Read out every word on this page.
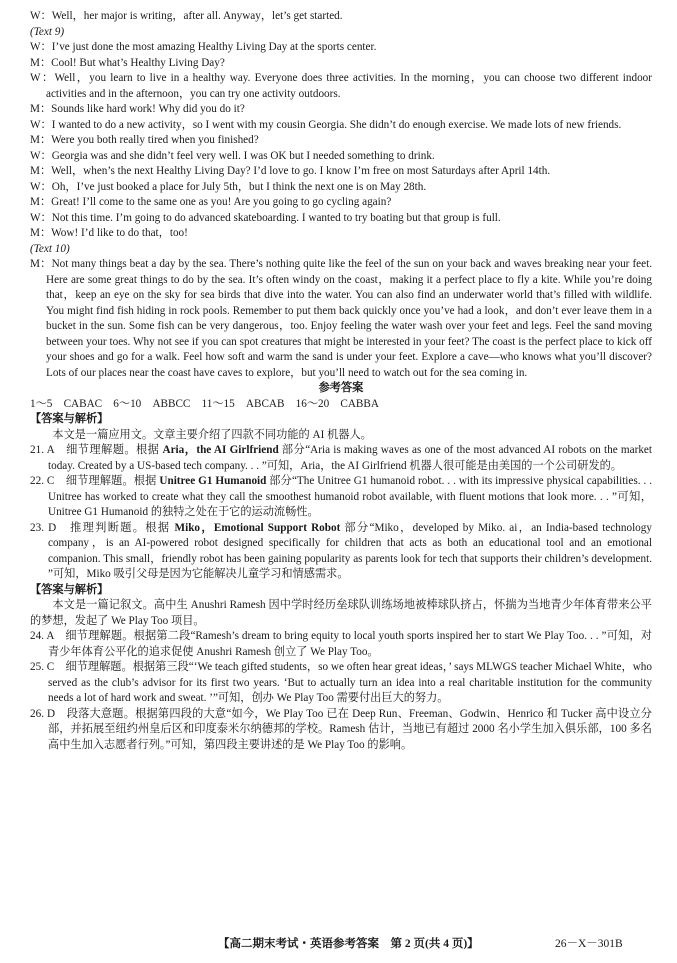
W：Well，her major is writing，after all. Anyway，let’s get started.

(Text 9)

W：I’ve just done the most amazing Healthy Living Day at the sports center.

M：Cool! But what’s Healthy Living Day?

W：Well，you learn to live in a healthy way. Everyone does three activities. In the morning，you can choose two different indoor activities and in the afternoon，you can try one activity outdoors.

M：Sounds like hard work! Why did you do it?

W：I wanted to do a new activity，so I went with my cousin Georgia. She didn’t do enough exercise. We made lots of new friends.

M：Were you both really tired when you finished?

W：Georgia was and she didn’t feel very well. I was OK but I needed something to drink.

M：Well，when’s the next Healthy Living Day? I’d love to go. I know I’m free on most Saturdays after April 14th.

W：Oh，I’ve just booked a place for July 5th，but I think the next one is on May 28th.

M：Great! I’ll come to the same one as you! Are you going to go cycling again?

W：Not this time. I’m going to do advanced skateboarding. I wanted to try boating but that group is full.

M：Wow! I’d like to do that，too!

(Text 10)

M：Not many things beat a day by the sea. There’s nothing quite like the feel of the sun on your back and waves breaking near your feet. Here are some great things to do by the sea. It’s often windy on the coast，making it a perfect place to fly a kite. While you’re doing that，keep an eye on the sky for sea birds that dive into the water. You can also find an underwater world that’s filled with wildlife. You might find fish hiding in rock pools. Remember to put them back quickly once you’ve had a look，and don’t ever leave them in a bucket in the sun. Some fish can be very dangerous，too. Enjoy feeling the water wash over your feet and legs. Feel the sand moving between your toes. Why not see if you can spot creatures that might be interested in your feet? The coast is the perfect place to kick off your shoes and go for a walk. Feel how soft and warm the sand is under your feet. Explore a cave—who knows what you’ll discover? Lots of our places near the coast have caves to explore，but you’ll need to watch out for the sea coming in.

参考答案

1～5　CABAC　6～10　ABBCC　11～15　ABCAB　16～20　CABBA

【答案与解析】

本文是一篇应用文。文章主要介绍了四款不同功能的 AI 机器人。

21. A　细节理解题。根据 Aria，the AI Girlfriend 部分“Aria is making waves as one of the most advanced AI robots on the market today. Created by a US-based tech company. . . ”可知，Aria，the AI Girlfriend 机器人很可能是由美国的一个公司研发的。

22. C　细节理解题。根据 Unitree G1 Humanoid 部分“The Unitree G1 humanoid robot. . . with its impressive physical capabilities. . . Unitree has worked to create what they call the smoothest humanoid robot available, with fluent motions that look more. . . ”可知，Unitree G1 Humanoid 的独特之处在于它的运动流畅性。

23. D　推理判断题。根据 Miko，Emotional Support Robot 部分“Miko，developed by Miko. ai，an India-based technology company，is an AI-powered robot designed specifically for children that acts as both an educational tool and an emotional companion. This small，friendly robot has been gaining popularity as parents look for tech that supports their children’s development. ”可知，Miko 吸引父母是因为它能解决儿童学习和情感需求。

【答案与解析】

本文是一篇记叙文。高中生 Anushri Ramesh 因中学时经历垒球队训练场地被棒球队挤占，怀揣为当地青少年体育带来公平的梦想，发起了 We Play Too 项目。

24. A　细节理解题。根据第二段“Ramesh’s dream to bring equity to local youth sports inspired her to start We Play Too. . . ”可知，对青少年体育公平化的追求促使 Anushri Ramesh 创立了 We Play Too。

25. C　细节理解题。根据第三段“‘We teach gifted students，so we often hear great ideas，’ says MLWGS teacher Michael White，who served as the club’s advisor for its first two years. ‘But to actually turn an idea into a real charitable institution for the community needs a lot of hard work and sweat. ’”可知，创办 We Play Too 需要付出巨大的努力。

26. D　段落大意题。根据第四段的大意“如今，We Play Too 已在 Deep Run、Freeman、Godwin、Henrico 和 Tucker 高中设立分部，并拓展至纽约州皇后区和印度泰米尔纳德邦的学校。Ramesh 估计，当地已有超过 2000 名小学生加入俱乐部，100 多名高中生加入志愿者行列。”可知，第四段主要讲述的是 We Play Too 的影响。

【高二期末考试・英语参考答案　第 2 页(共 4 页)】	26－X－301B
